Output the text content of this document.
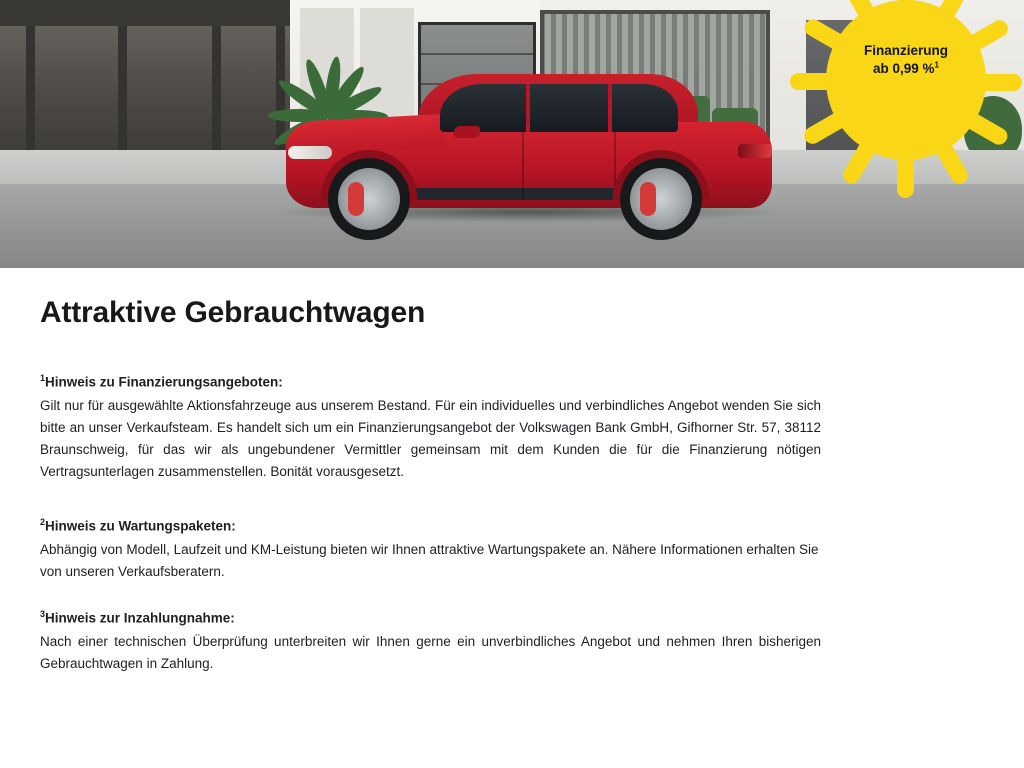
Finanzierung
ab 0,99 %$^1$
Attraktive Gebrauchtwagen

$^1$Hinweis zu Finanzierungsangeboten:

Gilt nur für ausgewählte Aktionsfahrzeuge aus unserem Bestand. Für ein individuelles und verbindliches Angebot wenden Sie sich bitte an unser Verkaufsteam. Es handelt sich um ein Finanzierungsangebot der Volkswagen Bank GmbH, Gifhorner Str. 57, 38112 Braunschweig, für das wir als ungebundener Vermittler gemeinsam mit dem Kunden die für die Finanzierung nötigen Vertragsunterlagen zusammenstellen. Bonität vorausgesetzt.

$^2$Hinweis zu Wartungspaketen:

Abhängig von Modell, Laufzeit und KM-Leistung bieten wir Ihnen attraktive Wartungspakete an. Nähere Informationen erhalten Sie von unseren Verkaufsberatern.

$^3$Hinweis zur Inzahlungnahme:

Nach einer technischen Überprüfung unterbreiten wir Ihnen gerne ein unverbindliches Angebot und nehmen Ihren bisherigen Gebrauchtwagen in Zahlung.
